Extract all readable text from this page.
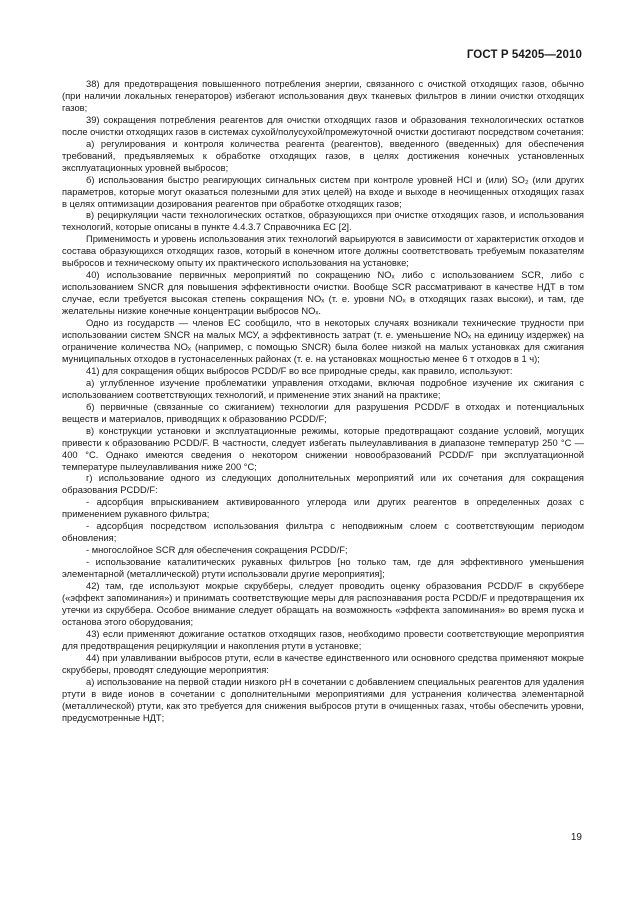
ГОСТ Р 54205—2010

38) для предотвращения повышенного потребления энергии, связанного с очисткой отходящих газов, обычно (при наличии локальных генераторов) избегают использования двух тканевых фильтров в линии очистки отходящих газов;

39) сокращения потребления реагентов для очистки отходящих газов и образования технологических остатков после очистки отходящих газов в системах сухой/полусухой/промежуточной очистки достигают посредством сочетания:

а) регулирования и контроля количества реагента (реагентов), введенного (введенных) для обеспечения требований, предъявляемых к обработке отходящих газов, в целях достижения конечных установленных эксплуатационных уровней выбросов;

б) использования быстро реагирующих сигнальных систем при контроле уровней HCl и (или) SO₂ (или других параметров, которые могут оказаться полезными для этих целей) на входе и выходе в неочищенных отходящих газах в целях оптимизации дозирования реагентов при обработке отходящих газов;

в) рециркуляции части технологических остатков, образующихся при очистке отходящих газов, и использования технологий, которые описаны в пункте 4.4.3.7 Справочника ЕС [2].

Применимость и уровень использования этих технологий варьируются в зависимости от характеристик отходов и состава образующихся отходящих газов, который в конечном итоге должны соответствовать требуемым показателям выбросов и техническому опыту их практического использования на установке;

40) использование первичных мероприятий по сокращению NOₓ либо с использованием SCR, либо с использованием SNCR для повышения эффективности очистки. Вообще SCR рассматривают в качестве НДТ в том случае, если требуется высокая степень сокращения NOₓ (т. е. уровни NOₓ в отходящих газах высоки), и там, где желательны низкие конечные концентрации выбросов NOₓ.

Одно из государств — членов ЕС сообщило, что в некоторых случаях возникали технические трудности при использовании систем SNCR на малых МСУ, а эффективность затрат (т. е. уменьшение NOₓ на единицу издержек) на ограничение количества NOₓ (например, с помощью SNCR) была более низкой на малых установках для сжигания муниципальных отходов в густонаселенных районах (т. е. на установках мощностью менее 6 т отходов в 1 ч);

41) для сокращения общих выбросов PCDD/F во все природные среды, как правило, используют:

а) углубленное изучение проблематики управления отходами, включая подробное изучение их сжигания с использованием соответствующих технологий, и применение этих знаний на практике;

б) первичные (связанные со сжиганием) технологии для разрушения PCDD/F в отходах и потенциальных веществ и материалов, приводящих к образованию PCDD/F;

в) конструкции установки и эксплуатационные режимы, которые предотвращают создание условий, могущих привести к образованию PCDD/F. В частности, следует избегать пылеулавливания в диапазоне температур 250 °С — 400 °С. Однако имеются сведения о некотором снижении новообразований PCDD/F при эксплуатационной температуре пылеулавливания ниже 200 °С;

г) использование одного из следующих дополнительных мероприятий или их сочетания для сокращения образования PCDD/F:

- адсорбция впрыскиванием активированного углерода или других реагентов в определенных дозах с применением рукавного фильтра;

- адсорбция посредством использования фильтра с неподвижным слоем с соответствующим периодом обновления;

- многослойное SCR для обеспечения сокращения PCDD/F;

- использование каталитических рукавных фильтров [но только там, где для эффективного уменьшения элементарной (металлической) ртути использовали другие мероприятия];

42) там, где используют мокрые скрубберы, следует проводить оценку образования PCDD/F в скруббере («эффект запоминания») и принимать соответствующие меры для распознавания роста PCDD/F и предотвращения их утечки из скруббера. Особое внимание следует обращать на возможность «эффекта запоминания» во время пуска и останова этого оборудования;

43) если применяют дожигание остатков отходящих газов, необходимо провести соответствующие мероприятия для предотвращения рециркуляции и накопления ртути в установке;

44) при улавливании выбросов ртути, если в качестве единственного или основного средства применяют мокрые скрубберы, проводят следующие мероприятия:

а) использование на первой стадии низкого рН в сочетании с добавлением специальных реагентов для удаления ртути в виде ионов в сочетании с дополнительными мероприятиями для устранения количества элементарной (металлической) ртути, как это требуется для снижения выбросов ртути в очищенных газах, чтобы обеспечить уровни, предусмотренные НДТ;

19
